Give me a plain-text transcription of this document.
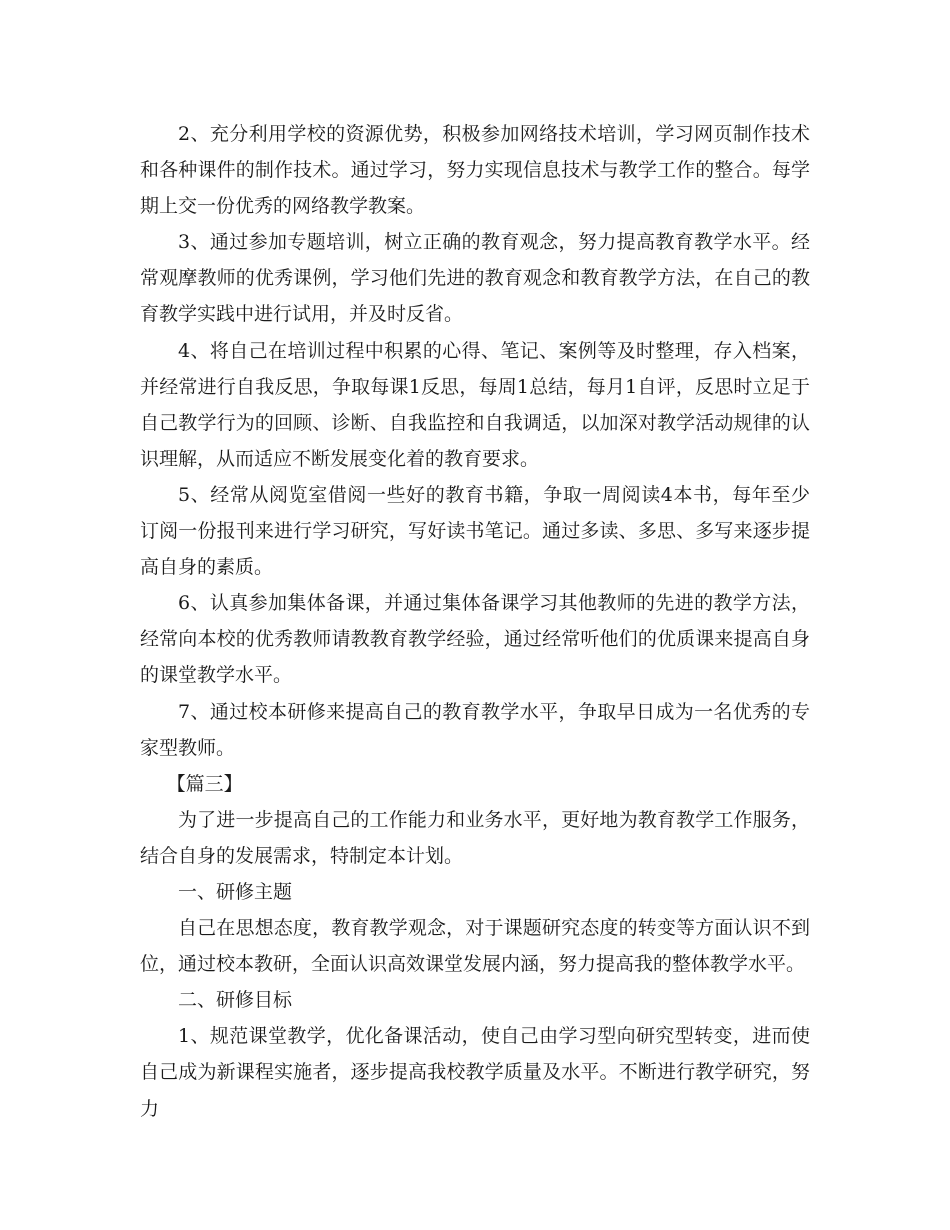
2、充分利用学校的资源优势，积极参加网络技术培训，学习网页制作技术和各种课件的制作技术。通过学习，努力实现信息技术与教学工作的整合。每学期上交一份优秀的网络教学教案。

3、通过参加专题培训，树立正确的教育观念，努力提高教育教学水平。经常观摩教师的优秀课例，学习他们先进的教育观念和教育教学方法，在自己的教育教学实践中进行试用，并及时反省。

4、将自己在培训过程中积累的心得、笔记、案例等及时整理，存入档案，并经常进行自我反思，争取每课1反思，每周1总结，每月1自评，反思时立足于自己教学行为的回顾、诊断、自我监控和自我调适，以加深对教学活动规律的认识理解，从而适应不断发展变化着的教育要求。

5、经常从阅览室借阅一些好的教育书籍，争取一周阅读4本书，每年至少订阅一份报刊来进行学习研究，写好读书笔记。通过多读、多思、多写来逐步提高自身的素质。

6、认真参加集体备课，并通过集体备课学习其他教师的先进的教学方法，经常向本校的优秀教师请教教育教学经验，通过经常听他们的优质课来提高自身的课堂教学水平。

7、通过校本研修来提高自己的教育教学水平，争取早日成为一名优秀的专家型教师。

【篇三】

为了进一步提高自己的工作能力和业务水平，更好地为教育教学工作服务，结合自身的发展需求，特制定本计划。

一、研修主题

自己在思想态度，教育教学观念，对于课题研究态度的转变等方面认识不到位，通过校本教研，全面认识高效课堂发展内涵，努力提高我的整体教学水平。

二、研修目标

1、规范课堂教学，优化备课活动，使自己由学习型向研究型转变，进而使自己成为新课程实施者，逐步提高我校教学质量及水平。不断进行教学研究，努力
